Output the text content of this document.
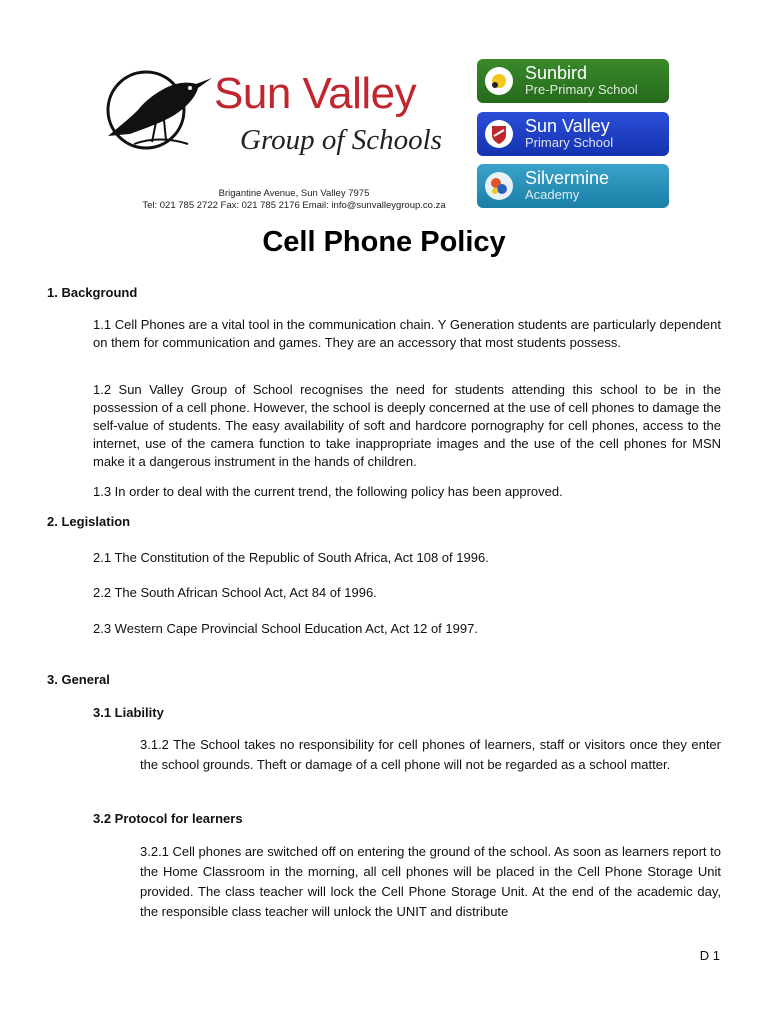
Sun Valley
Group of Schools
Brigantine Avenue, Sun Valley 7975
Tel: 021 785 2722 Fax: 021 785 2176 Email: info@sunvalleygroup.co.za
Sunbird
Pre-Primary School
Sun Valley
Primary School
Silvermine
Academy
Cell Phone Policy
1. Background
1.1 Cell Phones are a vital tool in the communication chain. Y Generation students are particularly dependent on them for communication and games. They are an accessory that most students possess.
1.2 Sun Valley Group of School recognises the need for students attending this school to be in the possession of a cell phone. However, the school is deeply concerned at the use of cell phones to damage the self-value of students. The easy availability of soft and hardcore pornography for cell phones, access to the internet, use of the camera function to take inappropriate images and the use of the cell phones for MSN make it a dangerous instrument in the hands of children.
1.3 In order to deal with the current trend, the following policy has been approved.
2. Legislation
2.1 The Constitution of the Republic of South Africa, Act 108 of 1996.
2.2 The South African School Act, Act 84 of 1996.
2.3 Western Cape Provincial School Education Act, Act 12 of 1997.
3. General
3.1 Liability
3.1.2 The School takes no responsibility for cell phones of learners, staff or visitors once they enter the school grounds. Theft or damage of a cell phone will not be regarded as a school matter.
3.2 Protocol for learners
3.2.1 Cell phones are switched off on entering the ground of the school. As soon as learners report to the Home Classroom in the morning, all cell phones will be placed in the Cell Phone Storage Unit provided. The class teacher will lock the Cell Phone Storage Unit. At the end of the academic day, the responsible class teacher will unlock the UNIT and distribute
D 1
